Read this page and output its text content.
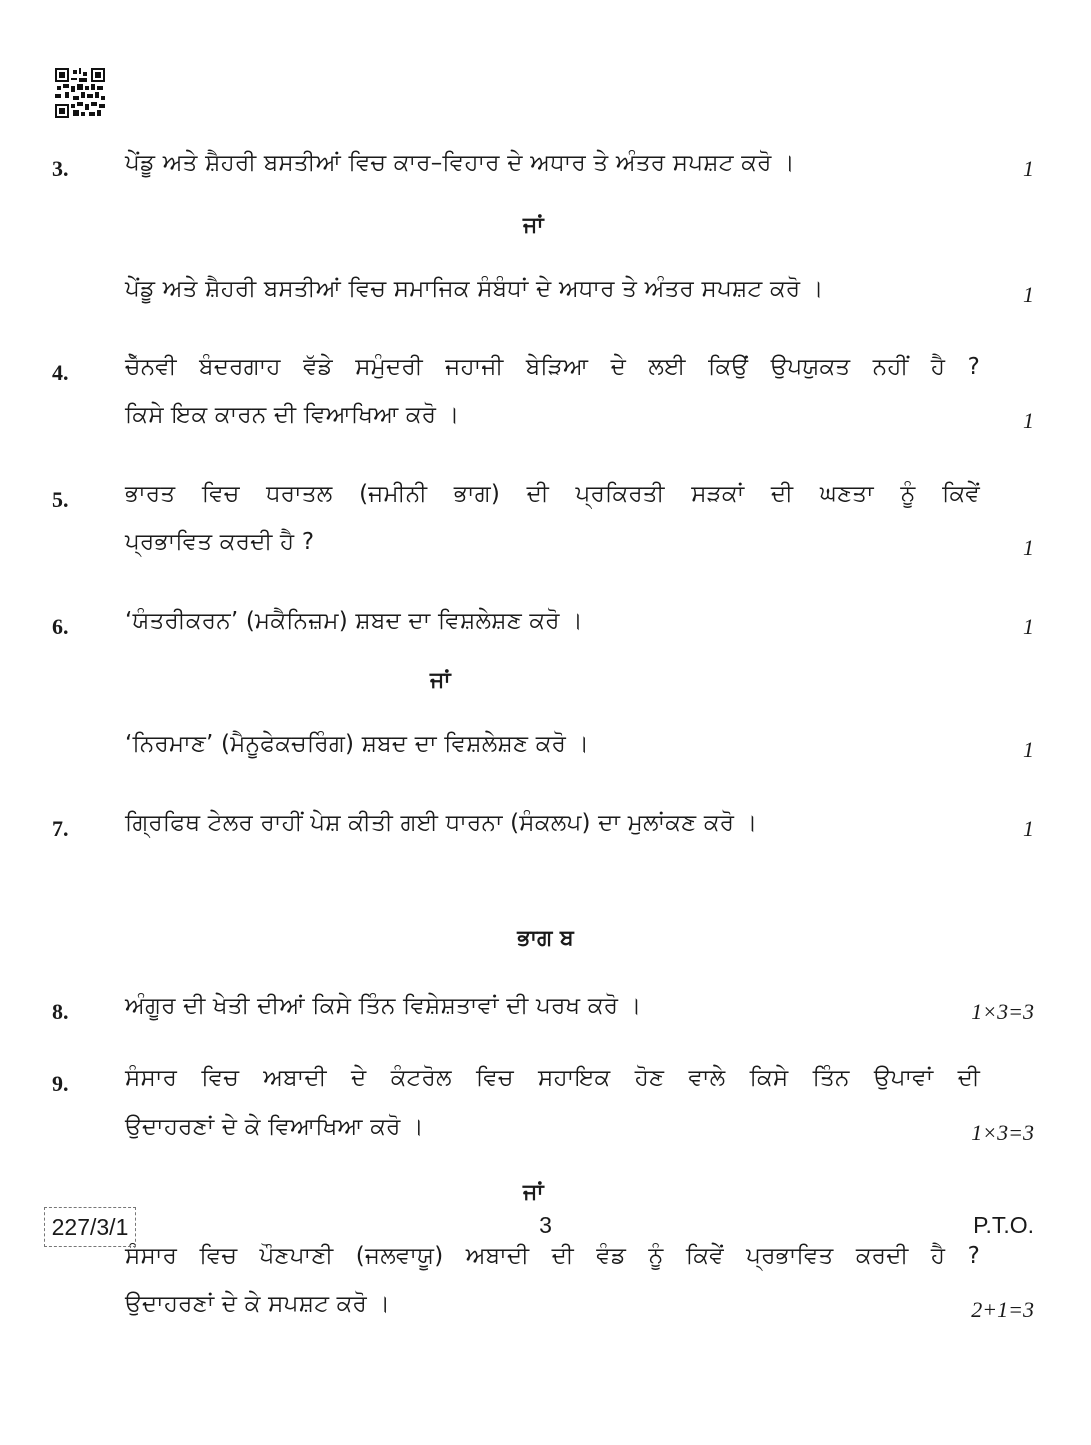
3. ਪੇਂਡੂ ਅਤੇ ਸ਼ੈਹਰੀ ਬਸਤੀਆਂ ਵਿਚ ਕਾਰ–ਵਿਹਾਰ ਦੇ ਅਧਾਰ ਤੇ ਅੰਤਰ ਸਪਸ਼ਟ ਕਰੋ ।	1
ਜਾਂ
ਪੇਂਡੂ ਅਤੇ ਸ਼ੈਹਰੀ ਬਸਤੀਆਂ ਵਿਚ ਸਮਾਜਿਕ ਸੰਬੰਧਾਂ ਦੇ ਅਧਾਰ ਤੇ ਅੰਤਰ ਸਪਸ਼ਟ ਕਰੋ ।	1
4. ਚੇੱਨਵੀ ਬੰਦਰਗਾਹ ਵੱਡੇ ਸਮੁੰਦਰੀ ਜਹਾਜੀ ਬੇੜਿਆ ਦੇ ਲਈ ਕਿਉਂ ਉਪਯੁਕਤ ਨਹੀਂ ਹੈ ?
ਕਿਸੇ ਇਕ ਕਾਰਨ ਦੀ ਵਿਆਖਿਆ ਕਰੋ ।	1
5. ਭਾਰਤ ਵਿਚ ਧਰਾਤਲ (ਜਮੀਨੀ ਭਾਗ) ਦੀ ਪ੍ਰਕਿਰਤੀ ਸੜਕਾਂ ਦੀ ਘਣਤਾ ਨੂੰ ਕਿਵੇਂ
ਪ੍ਰਭਾਵਿਤ ਕਰਦੀ ਹੈ ?	1
6. ‘ਯੰਤਰੀਕਰਨ’ (ਮਕੈਨਿਜ਼ਮ) ਸ਼ਬਦ ਦਾ ਵਿਸ਼ਲੇਸ਼ਣ ਕਰੋ ।	1
ਜਾਂ
‘ਨਿਰਮਾਣ’ (ਮੈਨੂਫੇਕਚਰਿੰਗ) ਸ਼ਬਦ ਦਾ ਵਿਸ਼ਲੇਸ਼ਣ ਕਰੋ ।	1
7. ਗ੍ਰਿਫਿਥ ਟੇਲਰ ਰਾਹੀਂ ਪੇਸ਼ ਕੀਤੀ ਗਈ ਧਾਰਨਾ (ਸੰਕਲਪ) ਦਾ ਮੁਲਾਂਕਣ ਕਰੋ ।	1
ਭਾਗ ਬ
8. ਅੰਗੂਰ ਦੀ ਖੇਤੀ ਦੀਆਂ ਕਿਸੇ ਤਿੰਨ ਵਿਸ਼ੇਸ਼ਤਾਵਾਂ ਦੀ ਪਰਖ ਕਰੋ ।	1×3=3
9. ਸੰਸਾਰ ਵਿਚ ਅਬਾਦੀ ਦੇ ਕੰਟਰੋਲ ਵਿਚ ਸਹਾਇਕ ਹੋਣ ਵਾਲੇ ਕਿਸੇ ਤਿੰਨ ਉਪਾਵਾਂ ਦੀ
ਉਦਾਹਰਣਾਂ ਦੇ ਕੇ ਵਿਆਖਿਆ ਕਰੋ ।	1×3=3
ਜਾਂ
ਸੰਸਾਰ ਵਿਚ ਪੌਣਪਾਣੀ (ਜਲਵਾਯੂ) ਅਬਾਦੀ ਦੀ ਵੰਡ ਨੂੰ ਕਿਵੇਂ ਪ੍ਰਭਾਵਿਤ ਕਰਦੀ ਹੈ ?
ਉਦਾਹਰਣਾਂ ਦੇ ਕੇ ਸਪਸ਼ਟ ਕਰੋ ।	2+1=3
227/3/1	3	P.T.O.
